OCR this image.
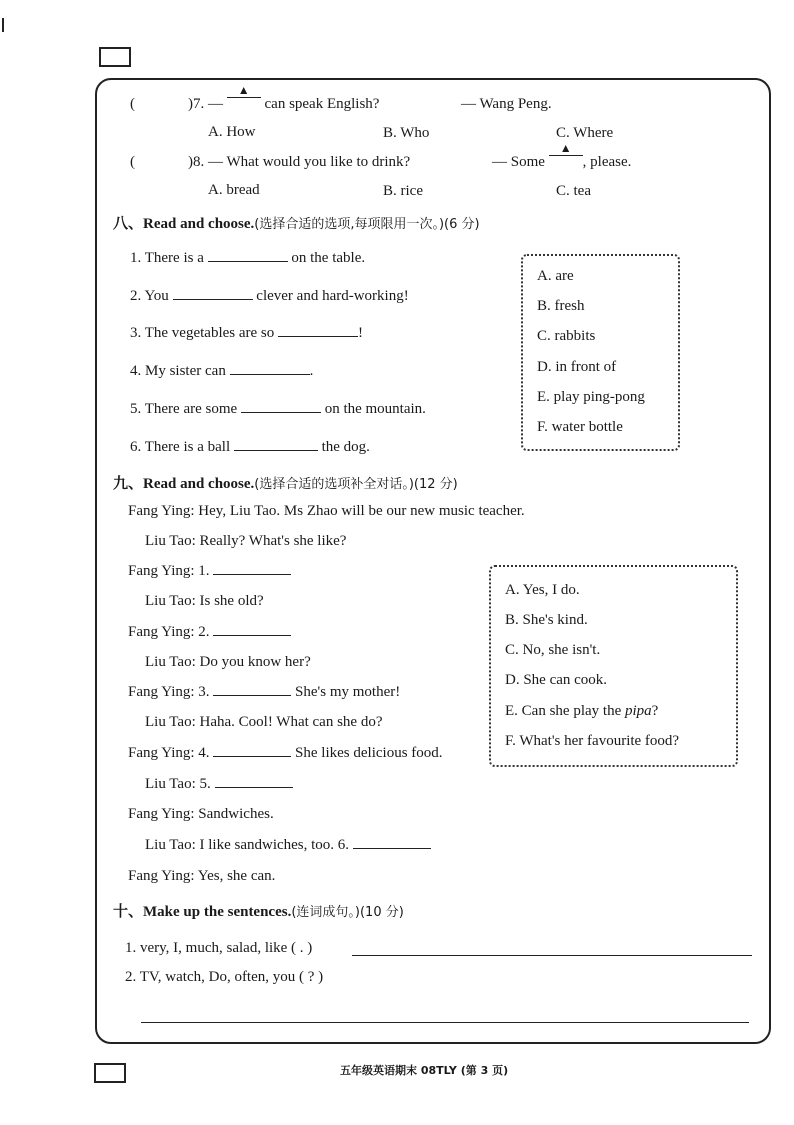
(	)7. — ▲ can speak English?	— Wang Peng.
A. How	B. Who	C. Where
(	)8. — What would you like to drink?	— Some ▲, please.
A. bread	B. rice	C. tea
八、Read and choose.(选择合适的选项,每项限用一次。)(6 分)
1. There is a	on the table.
2. You	clever and hard-working!
3. The vegetables are so	!
4. My sister can	.
5. There are some	on the mountain.
6. There is a ball	the dog.
A. are
B. fresh
C. rabbits
D. in front of
E. play ping-pong
F. water bottle
九、Read and choose.(选择合适的选项补全对话。)(12 分)
Fang Ying: Hey, Liu Tao. Ms Zhao will be our new music teacher.
Liu Tao: Really? What's she like?
Fang Ying: 1.
Liu Tao: Is she old?
Fang Ying: 2.
Liu Tao: Do you know her?
Fang Ying: 3.	She's my mother!
Liu Tao: Haha. Cool! What can she do?
Fang Ying: 4.	She likes delicious food.
Liu Tao: 5.
Fang Ying: Sandwiches.
Liu Tao: I like sandwiches, too. 6.
Fang Ying: Yes, she can.
A. Yes, I do.
B. She's kind.
C. No, she isn't.
D. She can cook.
E. Can she play the pipa?
F. What's her favourite food?
十、Make up the sentences.(连词成句。)(10 分)
1. very, I, much, salad, like ( . )
2. TV, watch, Do, often, you ( ? )
五年级英语期末 08TLY (第 3 页)
